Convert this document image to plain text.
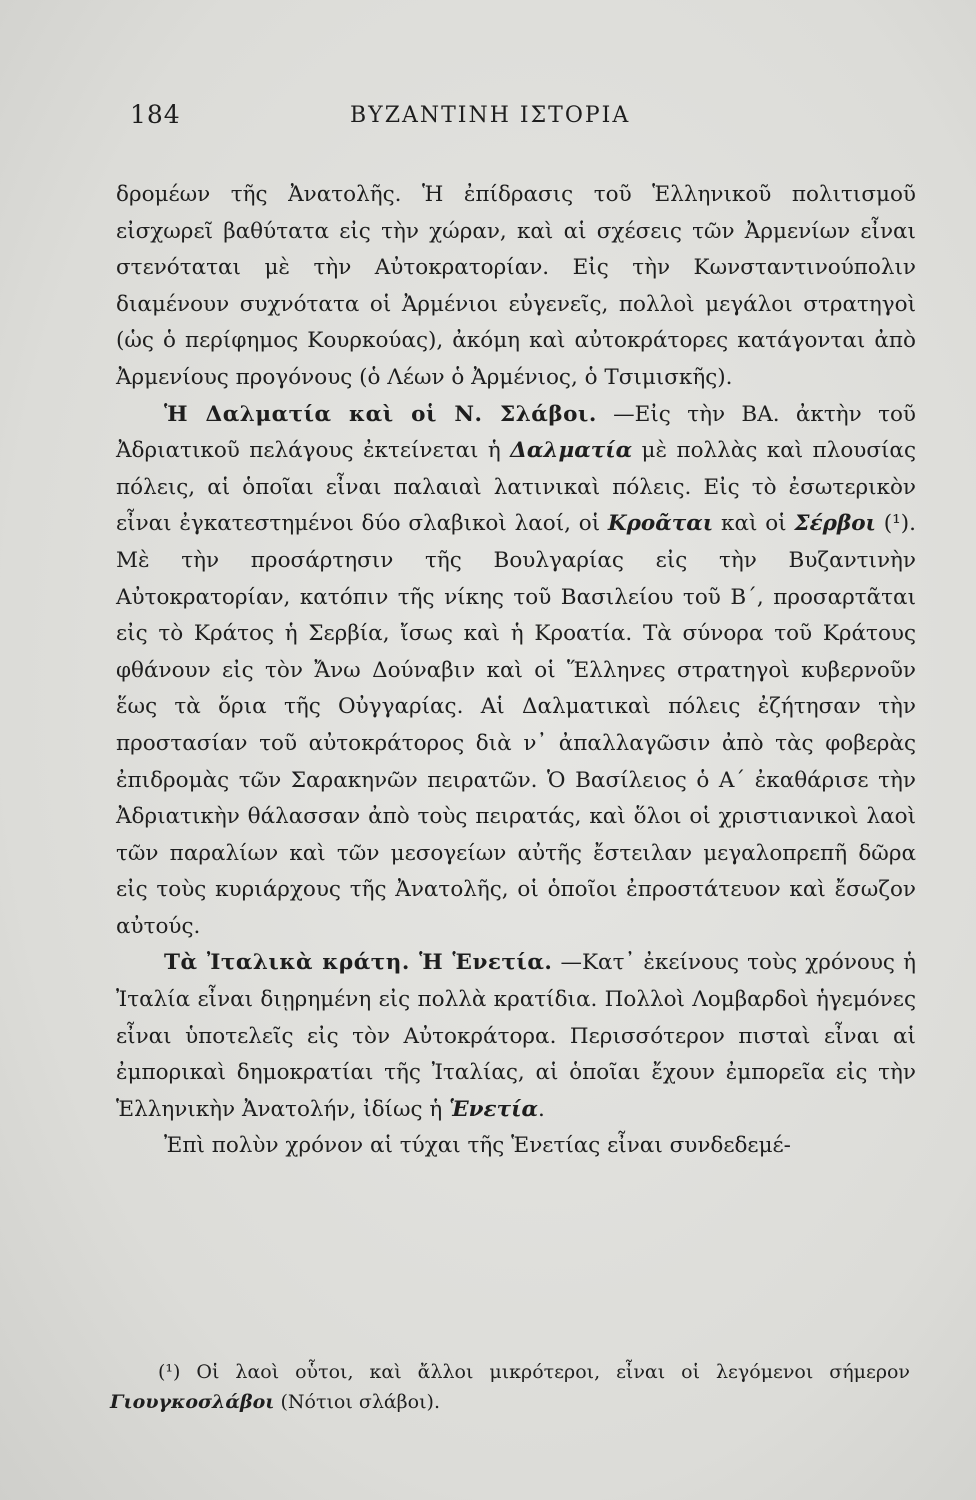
184	ΒΥΖΑΝΤΙΝΗ ΙΣΤΟΡΙΑ

δρομέων τῆς Ἀνατολῆς. Ἡ ἐπίδρασις τοῦ Ἑλληνικοῦ πολιτισμοῦ εἰσχωρεῖ βαθύτατα εἰς τὴν χώραν, καὶ αἱ σχέσεις τῶν Ἀρμενίων εἶναι στενόταται μὲ τὴν Αὐτοκρατορίαν. Εἰς τὴν Κωνσταντινούπολιν διαμένουν συχνότατα οἱ Ἀρμένιοι εὐγενεῖς, πολλοὶ μεγάλοι στρατηγοὶ (ὡς ὁ περίφημος Κουρκούας), ἀκόμη καὶ αὐτοκράτορες κατάγονται ἀπὸ Ἀρμενίους προγόνους (ὁ Λέων ὁ Ἀρμένιος, ὁ Τσιμισκῆς).

Ἡ Δαλματία καὶ οἱ Ν. Σλάβοι. —Εἰς τὴν ΒΑ. ἀκτὴν τοῦ Ἀδριατικοῦ πελάγους ἐκτείνεται ἡ Δαλματία μὲ πολλὰς καὶ πλουσίας πόλεις, αἱ ὁποῖαι εἶναι παλαιαὶ λατινικαὶ πόλεις. Εἰς τὸ ἐσωτερικὸν εἶναι ἐγκατεστημένοι δύο σλαβικοὶ λαοί, οἱ Κροᾶται καὶ οἱ Σέρβοι (¹). Μὲ τὴν προσάρτησιν τῆς Βουλγαρίας εἰς τὴν Βυζαντινὴν Αὐτοκρατορίαν, κατόπιν τῆς νίκης τοῦ Βασιλείου τοῦ Β΄, προσαρτᾶται εἰς τὸ Κράτος ἡ Σερβία, ἴσως καὶ ἡ Κροατία. Τὰ σύνορα τοῦ Κράτους φθάνουν εἰς τὸν Ἄνω Δούναβιν καὶ οἱ Ἕλληνες στρατηγοὶ κυβερνοῦν ἕως τὰ ὅρια τῆς Οὐγγαρίας. Αἱ Δαλματικαὶ πόλεις ἐζήτησαν τὴν προστασίαν τοῦ αὐτοκράτορος διὰ ν᾿ ἀπαλλαγῶσιν ἀπὸ τὰς φοβερὰς ἐπιδρομὰς τῶν Σαρακηνῶν πειρατῶν. Ὁ Βασίλειος ὁ Α΄ ἐκαθάρισε τὴν Ἀδριατικὴν θάλασσαν ἀπὸ τοὺς πειρατάς, καὶ ὅλοι οἱ χριστιανικοὶ λαοὶ τῶν παραλίων καὶ τῶν μεσογείων αὐτῆς ἔστειλαν μεγαλοπρεπῆ δῶρα εἰς τοὺς κυριάρχους τῆς Ἀνατολῆς, οἱ ὁποῖοι ἐπροστάτευον καὶ ἔσωζον αὐτούς.

Τὰ Ἰταλικὰ κράτη. Ἡ Ἑνετία. —Κατ᾿ ἐκείνους τοὺς χρόνους ἡ Ἰταλία εἶναι διῃρημένη εἰς πολλὰ κρατίδια. Πολλοὶ Λομβαρδοὶ ἡγεμόνες εἶναι ὑποτελεῖς εἰς τὸν Αὐτοκράτορα. Περισσότερον πισταὶ εἶναι αἱ ἐμπορικαὶ δημοκρατίαι τῆς Ἰταλίας, αἱ ὁποῖαι ἔχουν ἐμπορεῖα εἰς τὴν Ἑλληνικὴν Ἀνατολήν, ἰδίως ἡ Ἑνετία.

Ἐπὶ πολὺν χρόνον αἱ τύχαι τῆς Ἑνετίας εἶναι συνδεδεμέ-

(¹) Οἱ λαοὶ οὗτοι, καὶ ἄλλοι μικρότεροι, εἶναι οἱ λεγόμενοι σήμερον Γιουγκοσλάβοι (Νότιοι σλάβοι).
